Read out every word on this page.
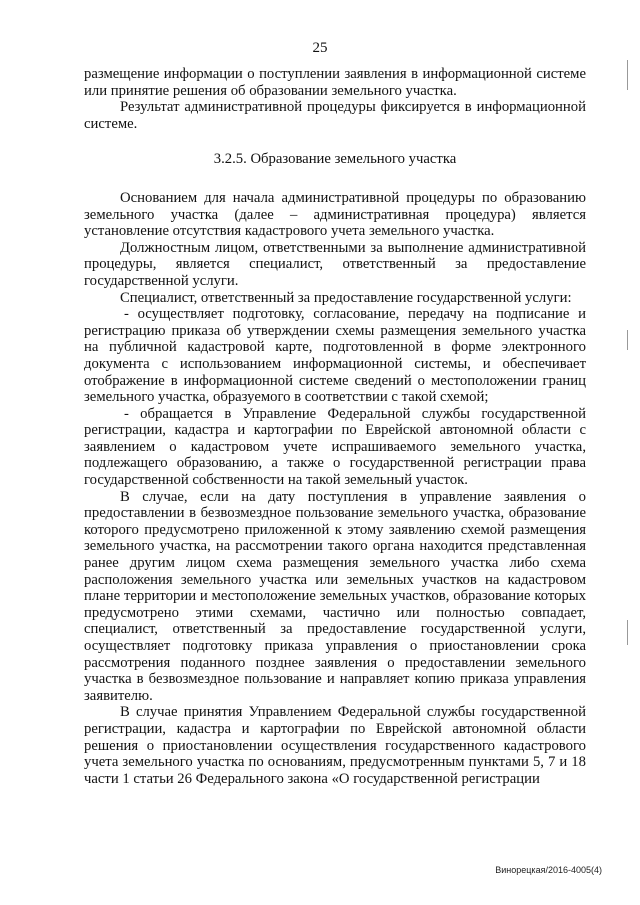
25

размещение информации о поступлении заявления в информационной системе или принятие решения об образовании земельного участка.

Результат административной процедуры фиксируется в информационной системе.

3.2.5. Образование земельного участка

Основанием для начала административной процедуры по образованию земельного участка (далее – административная процедура) является установление отсутствия кадастрового учета земельного участка.

Должностным лицом, ответственными за выполнение административной процедуры, является специалист, ответственный за предоставление государственной услуги.

Специалист, ответственный за предоставление государственной услуги:

- осуществляет подготовку, согласование, передачу на подписание и регистрацию приказа об утверждении схемы размещения земельного участка на публичной кадастровой карте, подготовленной в форме электронного документа с использованием информационной системы, и обеспечивает отображение в информационной системе сведений о местоположении границ земельного участка, образуемого в соответствии с такой схемой;

- обращается в Управление Федеральной службы государственной регистрации, кадастра и картографии по Еврейской автономной области с заявлением о кадастровом учете испрашиваемого земельного участка, подлежащего образованию, а также о государственной регистрации права государственной собственности на такой земельный участок.

В случае, если на дату поступления в управление заявления о предоставлении в безвозмездное пользование земельного участка, образование которого предусмотрено приложенной к этому заявлению схемой размещения земельного участка, на рассмотрении такого органа находится представленная ранее другим лицом схема размещения земельного участка либо схема расположения земельного участка или земельных участков на кадастровом плане территории и местоположение земельных участков, образование которых предусмотрено этими схемами, частично или полностью совпадает, специалист, ответственный за предоставление государственной услуги, осуществляет подготовку приказа управления о приостановлении срока рассмотрения поданного позднее заявления о предоставлении земельного участка в безвозмездное пользование и направляет копию приказа управления заявителю.

В случае принятия Управлением Федеральной службы государственной регистрации, кадастра и картографии по Еврейской автономной области решения о приостановлении осуществления государственного кадастрового учета земельного участка по основаниям, предусмотренным пунктами 5, 7 и 18 части 1 статьи 26 Федерального закона «О государственной регистрации

Винорецкая/2016-4005(4)
